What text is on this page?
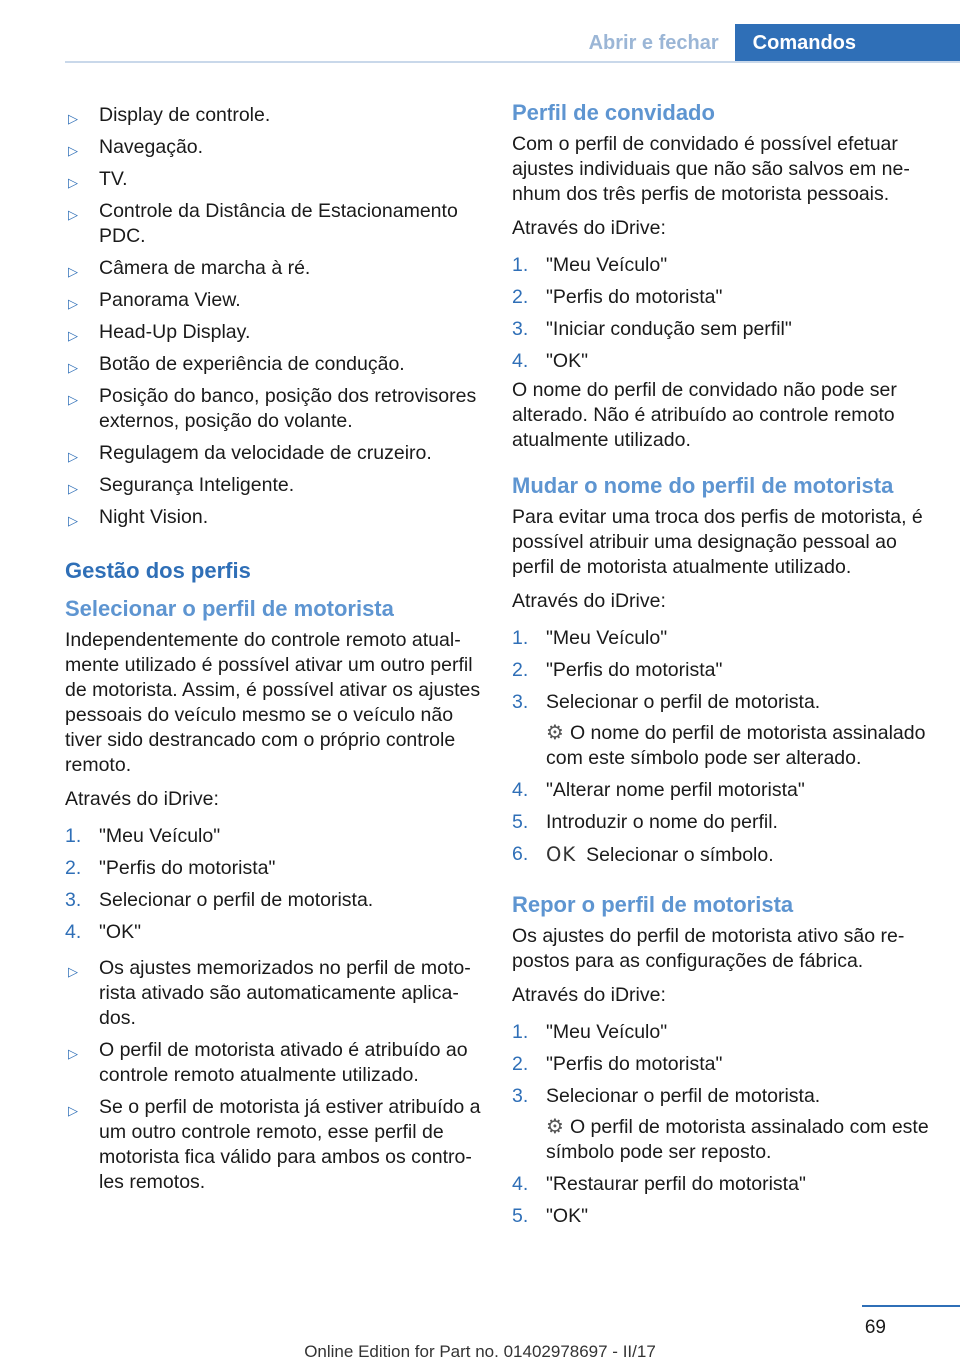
Abrir e fechar	Comandos
▷ Display de controle.
▷ Navegação.
▷ TV.
▷ Controle da Distância de Estacionamento PDC.
▷ Câmera de marcha à ré.
▷ Panorama View.
▷ Head-Up Display.
▷ Botão de experiência de condução.
▷ Posição do banco, posição dos retrovisores externos, posição do volante.
▷ Regulagem da velocidade de cruzeiro.
▷ Segurança Inteligente.
▷ Night Vision.
Gestão dos perfis
Selecionar o perfil de motorista

Independentemente do controle remoto atualmente utilizado é possível ativar um outro perfil de motorista. Assim, é possível ativar os ajustes pessoais do veículo mesmo se o veículo não tiver sido destrancado com o próprio controle remoto.

Através do iDrive:

1. "Meu Veículo"
2. "Perfis do motorista"
3. Selecionar o perfil de motorista.
4. "OK"
▷ Os ajustes memorizados no perfil de motorista ativado são automaticamente aplicados.
▷ O perfil de motorista ativado é atribuído ao controle remoto atualmente utilizado.
▷ Se o perfil de motorista já estiver atribuído a um outro controle remoto, esse perfil de motorista fica válido para ambos os controles remotos.
Perfil de convidado

Com o perfil de convidado é possível efetuar ajustes individuais que não são salvos em nenhum dos três perfis de motorista pessoais.

Através do iDrive:

1. "Meu Veículo"
2. "Perfis do motorista"
3. "Iniciar condução sem perfil"
4. "OK"

O nome do perfil de convidado não pode ser alterado. Não é atribuído ao controle remoto atualmente utilizado.

Mudar o nome do perfil de motorista

Para evitar uma troca dos perfis de motorista, é possível atribuir uma designação pessoal ao perfil de motorista atualmente utilizado.

Através do iDrive:

1. "Meu Veículo"
2. "Perfis do motorista"
3. Selecionar o perfil de motorista.
⚙ O nome do perfil de motorista assinalado com este símbolo pode ser alterado.
4. "Alterar nome perfil motorista"
5. Introduzir o nome do perfil.
6. OK Selecionar o símbolo.
Repor o perfil de motorista

Os ajustes do perfil de motorista ativo são repostos para as configurações de fábrica.

Através do iDrive:

1. "Meu Veículo"
2. "Perfis do motorista"
3. Selecionar o perfil de motorista.
⚙ O perfil de motorista assinalado com este símbolo pode ser reposto.
4. "Restaurar perfil do motorista"
5. "OK"
69
Online Edition for Part no. 01402978697 - II/17
